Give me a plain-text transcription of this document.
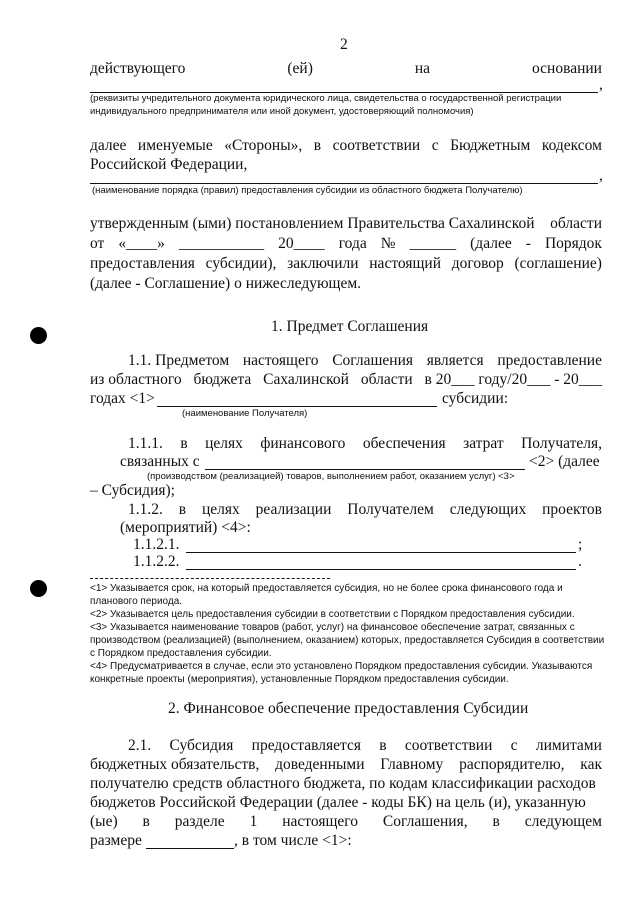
2
действующего	(ей)	на	основании
,
(реквизиты учредительного документа юридического лица, свидетельства о государственной регистрации
индивидуального предпринимателя или иной документ, удостоверяющий полномочия)
далее именуемые «Стороны», в соответствии с Бюджетным кодексом
Российской Федерации,
,
(наименование порядка (правил) предоставления субсидии из областного бюджета Получателю)
утвержденным (ыми) постановлением Правительства Сахалинской области
от «____» ___________ 20____ года № ______ (далее - Порядок
предоставления субсидии), заключили настоящий договор (соглашение)
(далее - Соглашение) о нижеследующем.
1. Предмет Соглашения
1.1. Предметом настоящего Соглашения является предоставление
из областного бюджета Сахалинской области в 20___ году/20___ - 20___
годах <1>	субсидии:
(наименование Получателя)
1.1.1. в целях финансового обеспечения затрат Получателя,
связанных с	<2> (далее
(производством (реализацией) товаров, выполнением работ, оказанием услуг) <3>
– Субсидия);
1.1.2. в целях реализации Получателем следующих проектов
(мероприятий) <4>:
1.1.2.1.	;
1.1.2.2.	.
<1> Указывается срок, на который предоставляется субсидия, но не более срока финансового года и
планового периода.
<2> Указывается цель предоставления субсидии в соответствии с Порядком предоставления субсидии.
<3> Указывается наименование товаров (работ, услуг) на финансовое обеспечение затрат, связанных с
производством (реализацией) (выполнением, оказанием) которых, предоставляется Субсидия в соответствии
с Порядком предоставления субсидии.
<4> Предусматривается в случае, если это установлено Порядком предоставления субсидии. Указываются
конкретные проекты (мероприятия), установленные Порядком предоставления субсидии.
2. Финансовое обеспечение предоставления Субсидии
2.1. Субсидия предоставляется в соответствии с лимитами
бюджетных обязательств, доведенными Главному распорядителю, как
получателю средств областного бюджета, по кодам классификации расходов
бюджетов Российской Федерации (далее - коды БК) на цель (и), указанную
(ые) в разделе 1 настоящего Соглашения, в следующем
размере	, в том числе <1>:
